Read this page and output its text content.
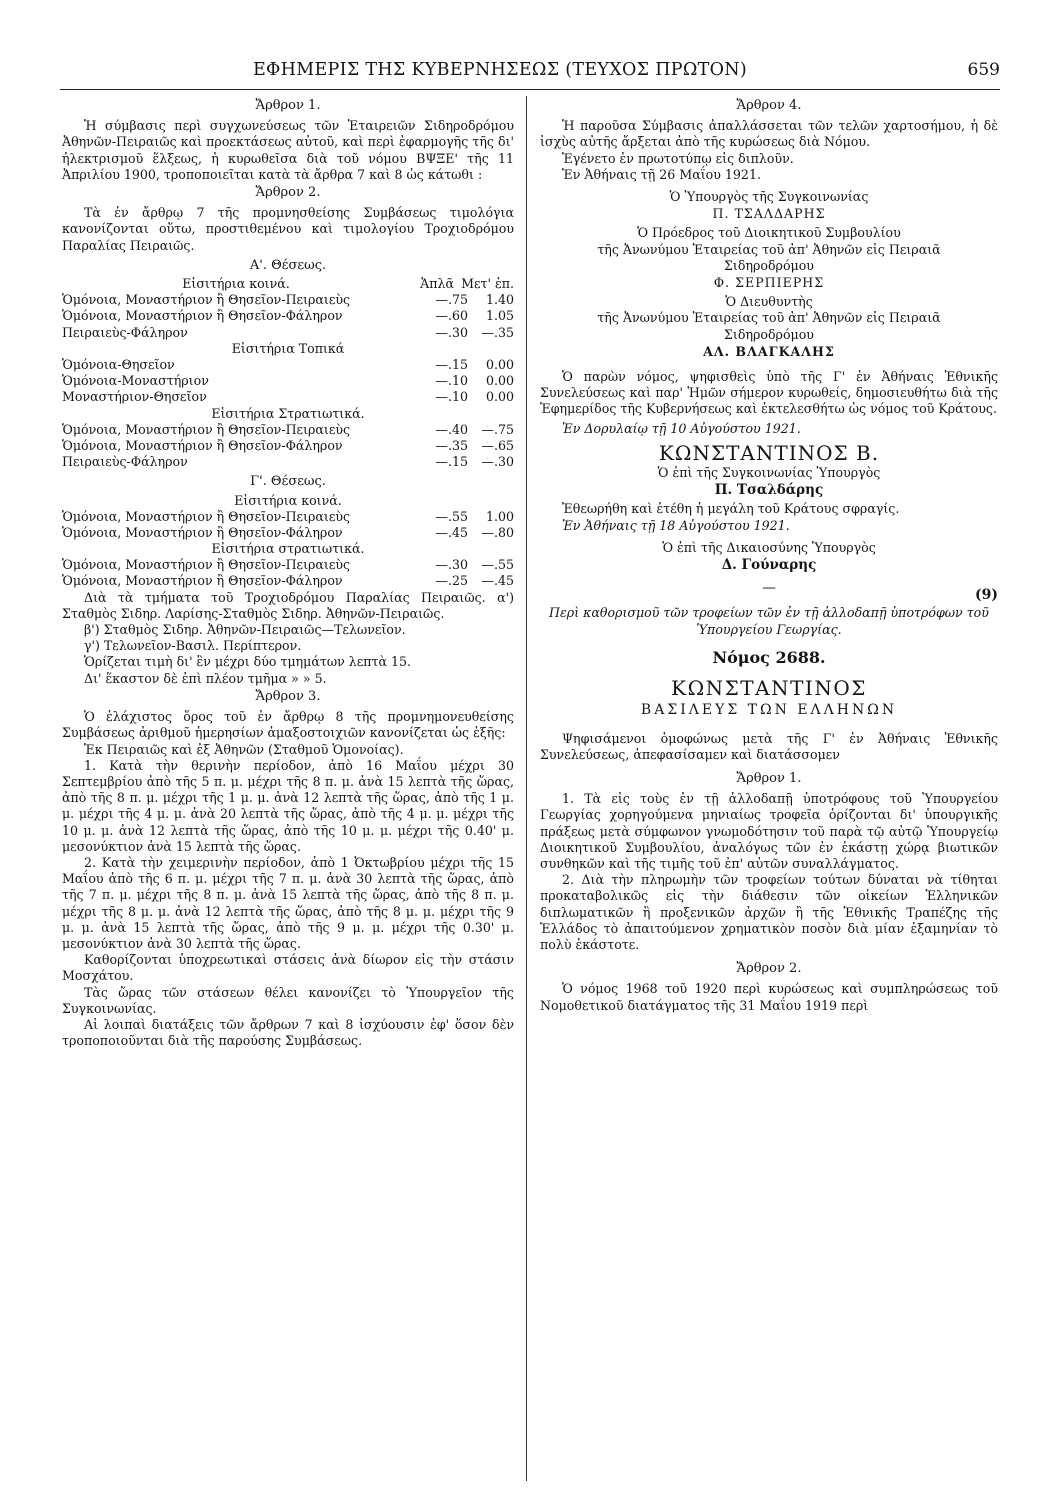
ΕΦΗΜΕΡΙΣ ΤΗΣ ΚΥΒΕΡΝΗΣΕΩΣ (ΤΕΥΧΟΣ ΠΡΩΤΟΝ)	659
Ἄρθρον 1.

Ἡ σύμβασις περὶ συγχωνεύσεως τῶν Ἑταιρειῶν Σιδηροδρόμου Ἀθηνῶν-Πειραιῶς καὶ προεκτάσεως αὐτοῦ, καὶ περὶ ἐφαρμογῆς τῆς δι' ἠλεκτρισμοῦ ἕλξεως, ἡ κυρωθεῖσα διὰ τοῦ νόμου ΒΨΞΕ' τῆς 11 Ἀπριλίου 1900, τροποποιεῖται κατὰ τὰ ἄρθρα 7 καὶ 8 ὡς κάτωθι :

Ἄρθρον 2.

Τὰ ἐν ἄρθρῳ 7 τῆς προμνησθείσης Συμβάσεως τιμολόγια κανονίζονται οὕτω, προστιθεμένου καὶ τιμολογίου Τροχιοδρόμου Παραλίας Πειραιῶς.

Α'. Θέσεως.
Εἰσιτήρια κοινά.	Ἁπλᾶ Μετ' ἐπ.
Ὁμόνοια, Μοναστήριον ἢ Θησεῖον-Πειραιεὺς	—.75	1.40
Ὁμόνοια, Μοναστήριον ἢ Θησεῖον-Φάληρον	—.60	1.05
Πειραιεὺς-Φάληρον	—.30	—.35
Εἰσιτήρια Τοπικά
Ὁμόνοια-Θησεῖον	—.15	0.00
Ὁμόνοια-Μοναστήριον	—.10	0.00
Μοναστήριον-Θησεῖον	—.10	0.00
Εἰσιτήρια Στρατιωτικά.
Ὁμόνοια, Μοναστήριον ἢ Θησεῖον-Πειραιεὺς	—.40	—.75
Ὁμόνοια, Μοναστήριον ἢ Θησεῖον-Φάληρον	—.35	—.65
Πειραιεὺς-Φάληρον	—.15	—.30
Γ'. Θέσεως.
Εἰσιτήρια κοινά.
Ὁμόνοια, Μοναστήριον ἢ Θησεῖον-Πειραιεὺς	—.55	1.00
Ὁμόνοια, Μοναστήριον ἢ Θησεῖον-Φάληρον	—.45	—.80
Εἰσιτήρια στρατιωτικά.
Ὁμόνοια, Μοναστήριον ἢ Θησεῖον-Πειραιεὺς	—.30	—.55
Ὁμόνοια, Μοναστήριον ἢ Θησεῖον-Φάληρον	—.25	—.45

Διὰ τὰ τμήματα τοῦ Τροχιοδρόμου Παραλίας Πειραιῶς. α') Σταθμὸς Σιδηρ. Λαρίσης-Σταθμὸς Σιδηρ. Ἀθηνῶν-Πειραιῶς.

β') Σταθμὸς Σιδηρ. Ἀθηνῶν-Πειραιῶς—Τελωνεῖον.

γ') Τελωνεῖον-Βασιλ. Περίπτερον.

Ὁρίζεται τιμὴ δι' ἓν μέχρι δύο τμημάτων λεπτὰ 15.

Δι' ἕκαστον δὲ ἐπὶ πλέον τμῆμα » » 5.

Ἄρθρον 3.

Ὁ ἐλάχιστος ὅρος τοῦ ἐν ἄρθρῳ 8 τῆς προμνημονευθείσης Συμβάσεως ἀριθμοῦ ἡμερησίων ἁμαξοστοιχιῶν κανονίζεται ὡς ἑξῆς:

Ἐκ Πειραιῶς καὶ ἐξ Ἀθηνῶν (Σταθμοῦ Ὁμονοίας).

1. Κατὰ τὴν θερινὴν περίοδον, ἀπὸ 16 Μαΐου μέχρι 30 Σεπτεμβρίου ἀπὸ τῆς 5 π. μ. μέχρι τῆς 8 π. μ. ἀνὰ 15 λεπτὰ τῆς ὥρας, ἀπὸ τῆς 8 π. μ. μέχρι τῆς 1 μ. μ. ἀνὰ 12 λεπτὰ τῆς ὥρας, ἀπὸ τῆς 1 μ. μ. μέχρι τῆς 4 μ. μ. ἀνὰ 20 λεπτὰ τῆς ὥρας, ἀπὸ τῆς 4 μ. μ. μέχρι τῆς 10 μ. μ. ἀνὰ 12 λεπτὰ τῆς ὥρας, ἀπὸ τῆς 10 μ. μ. μέχρι τῆς 0.40' μ. μεσονύκτιον ἀνὰ 15 λεπτὰ τῆς ὥρας.

2. Κατὰ τὴν χειμερινὴν περίοδον, ἀπὸ 1 Ὀκτωβρίου μέχρι τῆς 15 Μαΐου ἀπὸ τῆς 6 π. μ. μέχρι τῆς 7 π. μ. ἀνὰ 30 λεπτὰ τῆς ὥρας, ἀπὸ τῆς 7 π. μ. μέχρι τῆς 8 π. μ. ἀνὰ 15 λεπτὰ τῆς ὥρας, ἀπὸ τῆς 8 π. μ. μέχρι τῆς 8 μ. μ. ἀνὰ 12 λεπτὰ τῆς ὥρας, ἀπὸ τῆς 8 μ. μ. μέχρι τῆς 9 μ. μ. ἀνὰ 15 λεπτὰ τῆς ὥρας, ἀπὸ τῆς 9 μ. μ. μέχρι τῆς 0.30' μ. μεσονύκτιον ἀνὰ 30 λεπτὰ τῆς ὥρας.

Καθορίζονται ὑποχρεωτικαὶ στάσεις ἀνὰ δίωρον εἰς τὴν στάσιν Μοσχάτου.

Τὰς ὥρας τῶν στάσεων θέλει κανονίζει τὸ Ὑπουργεῖον τῆς Συγκοινωνίας.

Αἱ λοιπαὶ διατάξεις τῶν ἄρθρων 7 καὶ 8 ἰσχύουσιν ἐφ' ὅσον δὲν τροποποιοῦνται διὰ τῆς παρούσης Συμβάσεως.

Ἄρθρον 4.

Ἡ παροῦσα Σύμβασις ἀπαλλάσσεται τῶν τελῶν χαρτοσήμου, ἡ δὲ ἰσχὺς αὐτῆς ἄρξεται ἀπὸ τῆς κυρώσεως διὰ Νόμου.

Ἐγένετο ἐν πρωτοτύπῳ εἰς διπλοῦν.

Ἐν Ἀθήναις τῇ 26 Μαΐου 1921.

Ὁ Ὑπουργὸς τῆς Συγκοινωνίας
Π. ΤΣΑΛΔΑΡΗΣ
Ὁ Πρόεδρος τοῦ Διοικητικοῦ Συμβουλίου
τῆς Ἀνωνύμου Ἑταιρείας τοῦ ἀπ' Ἀθηνῶν εἰς Πειραιᾶ
Σιδηροδρόμου
Φ. ΣΕΡΠΙΕΡΗΣ
Ὁ Διευθυντὴς
τῆς Ἀνωνύμου Ἑταιρείας τοῦ ἀπ' Ἀθηνῶν εἰς Πειραιᾶ
Σιδηροδρόμου
ΑΛ. ΒΛΑΓΚΑΛΗΣ

Ὁ παρὼν νόμος, ψηφισθεὶς ὑπὸ τῆς Γ' ἐν Ἀθήναις Ἐθνικῆς Συνελεύσεως καὶ παρ' Ἡμῶν σήμερον κυρωθείς, δημοσιευθήτω διὰ τῆς Ἐφημερίδος τῆς Κυβερνήσεως καὶ ἐκτελεσθήτω ὡς νόμος τοῦ Κράτους.

Ἐν Δορυλαίῳ τῇ 10 Αὐγούστου 1921.

ΚΩΝΣΤΑΝΤΙΝΟΣ Β.
Ὁ ἐπὶ τῆς Συγκοινωνίας Ὑπουργὸς
Π. Τσαλδάρης

Ἐθεωρήθη καὶ ἐτέθη ἡ μεγάλη τοῦ Κράτους σφραγίς.

Ἐν Ἀθήναις τῇ 18 Αὐγούστου 1921.

Ὁ ἐπὶ τῆς Δικαιοσύνης Ὑπουργὸς
Δ. Γούναρης
—	(9)
Περὶ καθορισμοῦ τῶν τροφείων τῶν ἐν τῇ ἀλλοδαπῇ ὑποτρόφων τοῦ Ὑπουργείου Γεωργίας.
Νόμος 2688.
ΚΩΝΣΤΑΝΤΙΝΟΣ
ΒΑΣΙΛΕΥΣ ΤΩΝ ΕΛΛΗΝΩΝ

Ψηφισάμενοι ὁμοφώνως μετὰ τῆς Γ' ἐν Ἀθήναις Ἐθνικῆς Συνελεύσεως, ἀπεφασίσαμεν καὶ διατάσσομεν

Ἄρθρον 1.

1. Τὰ εἰς τοὺς ἐν τῇ ἀλλοδαπῇ ὑποτρόφους τοῦ Ὑπουργείου Γεωργίας χορηγούμενα μηνιαίως τροφεῖα ὁρίζονται δι' ὑπουργικῆς πράξεως μετὰ σύμφωνον γνωμοδότησιν τοῦ παρὰ τῷ αὐτῷ Ὑπουργείῳ Διοικητικοῦ Συμβουλίου, ἀναλόγως τῶν ἐν ἑκάστῃ χώρᾳ βιωτικῶν συνθηκῶν καὶ τῆς τιμῆς τοῦ ἐπ' αὐτῶν συναλλάγματος.

2. Διὰ τὴν πληρωμὴν τῶν τροφείων τούτων δύναται νὰ τίθηται προκαταβολικῶς εἰς τὴν διάθεσιν τῶν οἰκείων Ἑλληνικῶν διπλωματικῶν ἢ προξενικῶν ἀρχῶν ἢ τῆς Ἐθνικῆς Τραπέζης τῆς Ἑλλάδος τὸ ἀπαιτούμενον χρηματικὸν ποσὸν διὰ μίαν ἑξαμηνίαν τὸ πολὺ ἑκάστοτε.

Ἄρθρον 2.

Ὁ νόμος 1968 τοῦ 1920 περὶ κυρώσεως καὶ συμπληρώσεως τοῦ Νομοθετικοῦ διατάγματος τῆς 31 Μαΐου 1919 περὶ
